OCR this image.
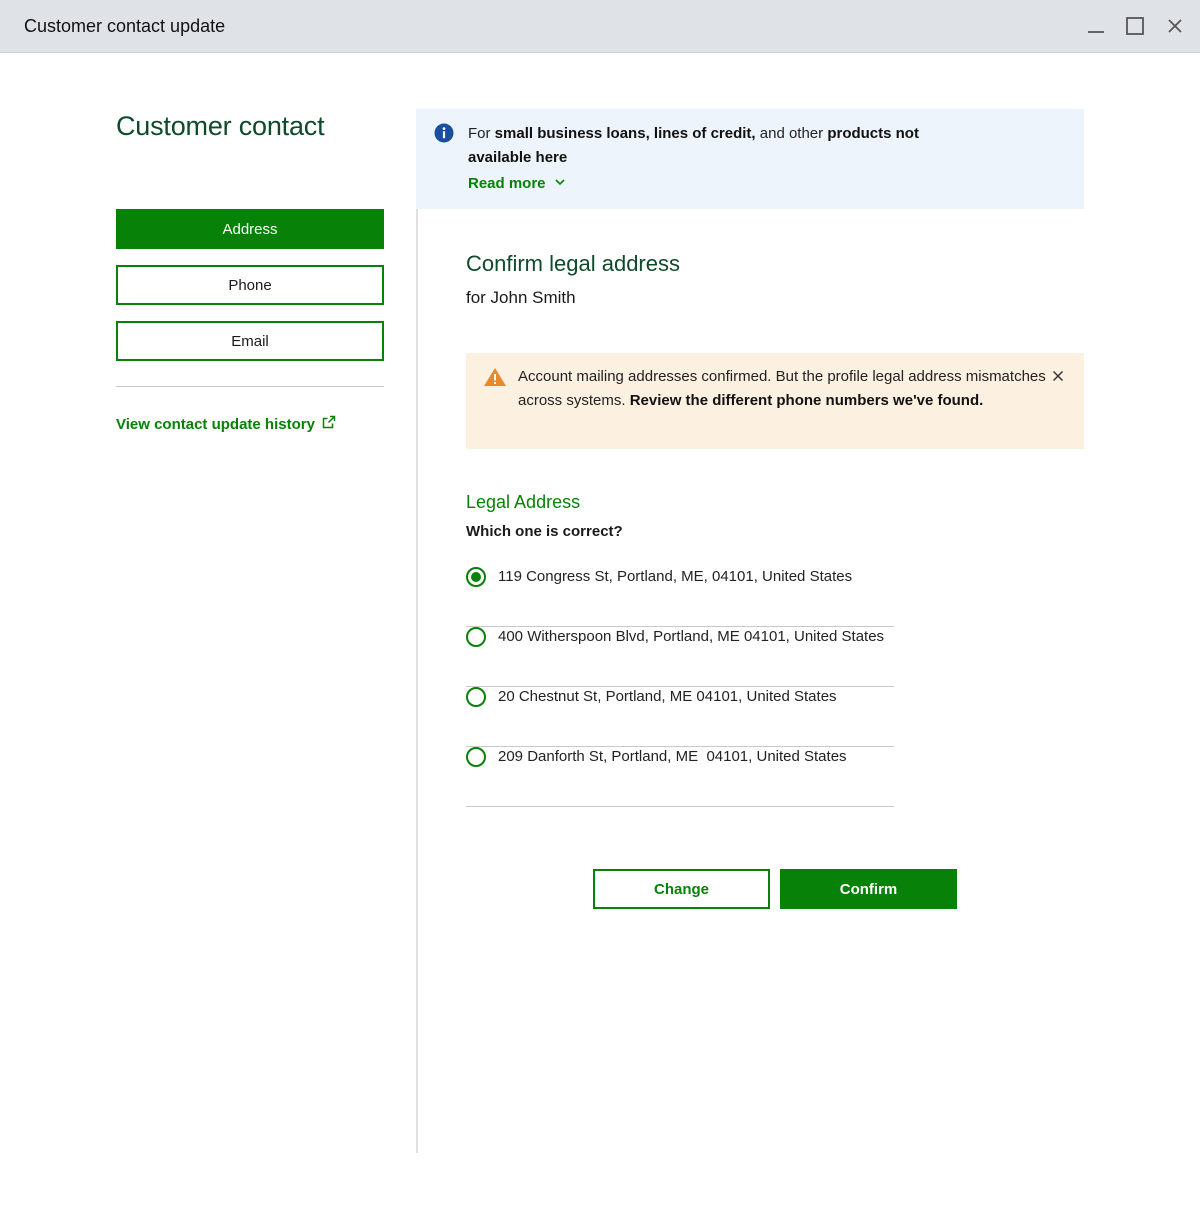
Customer contact update
Customer contact
Address
Phone
Email
View contact update history
For small business loans, lines of credit, and other products not available here
Read more
Confirm legal address
for John Smith
Account mailing addresses confirmed. But the profile legal address mismatches across systems. Review the different phone numbers we've found.
Legal Address
Which one is correct?
119 Congress St, Portland, ME, 04101, United States
400 Witherspoon Blvd, Portland, ME 04101, United States
20 Chestnut St, Portland, ME 04101, United States
209 Danforth St, Portland, ME  04101, United States
Change	Confirm
